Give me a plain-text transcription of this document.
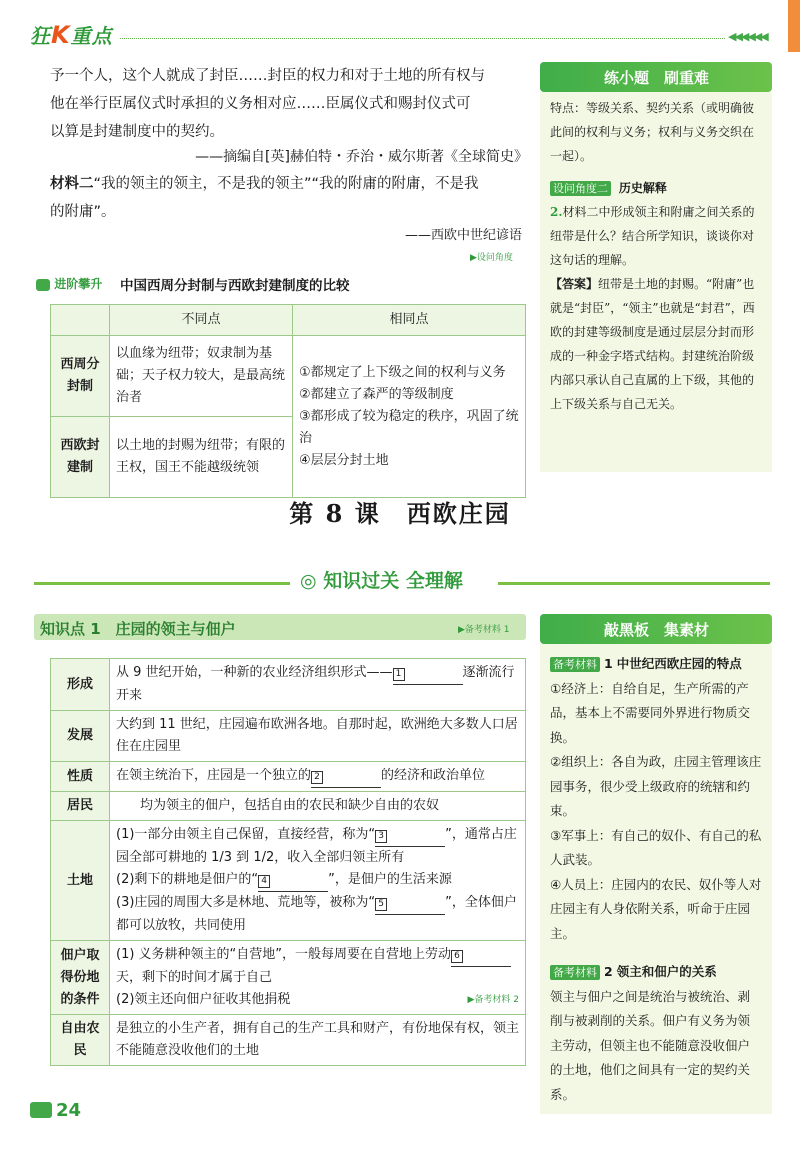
狂K重点	◀◀◀◀◀◀
予一个人，这个人就成了封臣……封臣的权力和对于土地的所有权与
他在举行臣属仪式时承担的义务相对应……臣属仪式和赐封仪式可
以算是封建制度中的契约。
——摘编自[英]赫伯特・乔治・威尔斯著《全球简史》
材料二“我的领主的领主，不是我的领主”“我的附庸的附庸，不是我
的附庸”。
——西欧中世纪谚语
▶设问角度
进阶攀升 中国西周分封制与西欧封建制度的比较
	不同点	相同点
西周分封制	以血缘为纽带；奴隶制为基础；天子权力较大，是最高统治者	①都规定了上下级之间的权利与义务
②都建立了森严的等级制度
③都形成了较为稳定的秩序，巩固了统治
④层层分封土地

西欧封建制	以土地的封赐为纽带；有限的王权，国王不能越级统领	
练小题　刷重难
特点：等级关系、契约关系（或明确彼此间的权利与义务；权利与义务交织在一起）。
设问角度二 历史解释
2.材料二中形成领主和附庸之间关系的纽带是什么？结合所学知识，谈谈你对这句话的理解。
【答案】纽带是土地的封赐。“附庸”也就是“封臣”，“领主”也就是“封君”，西欧的封建等级制度是通过层层分封而形成的一种金字塔式结构。封建统治阶级内部只承认自己直属的上下级，其他的上下级关系与自己无关。
第 8 课　西欧庄园
◎ 知识过关 全理解
知识点 1　庄园的领主与佃户	▶备考材料 1
形成	从 9 世纪开始，一种新的农业经济组织形式—— 1 逐渐流行开来
发展	大约到 11 世纪，庄园遍布欧洲各地。自那时起，欧洲绝大多数人口居住在庄园里
性质	在领主统治下，庄园是一个独立的 2 的经济和政治单位
居民	均为领主的佃户，包括自由的农民和缺少自由的农奴
土地	(1)一部分由领主自己保留，直接经营，称为“ 3 ”，通常占庄园全部可耕地的 1/3 到 1/2，收入全部归领主所有
(2)剩下的耕地是佃户的“ 4 ”，是佃户的生活来源
(3)庄园的周围大多是林地、荒地等，被称为“ 5 ”，全体佃户都可以放牧，共同使用

佃户取得份地的条件	(1) 义务耕种领主的“自营地”，一般每周要在自营地上劳动 6天，剩下的时间才属于自己
(2)领主还向佃户征收其他捐税 ▶备考材料 2

自由农民	是独立的小生产者，拥有自己的生产工具和财产，有份地保有权，领主不能随意没收他们的土地
敲黑板　集素材
备考材料 1 中世纪西欧庄园的特点
①经济上：自给自足，生产所需的产品，基本上不需要同外界进行物质交换。
②组织上：各自为政，庄园主管理该庄园事务，很少受上级政府的统辖和约束。
③军事上：有自己的奴仆、有自己的私人武装。
④人员上：庄园内的农民、奴仆等人对庄园主有人身依附关系，听命于庄园主。
备考材料 2 领主和佃户的关系
领主与佃户之间是统治与被统治、剥削与被剥削的关系。佃户有义务为领主劳动，但领主也不能随意没收佃户的土地，他们之间具有一定的契约关系。
24
